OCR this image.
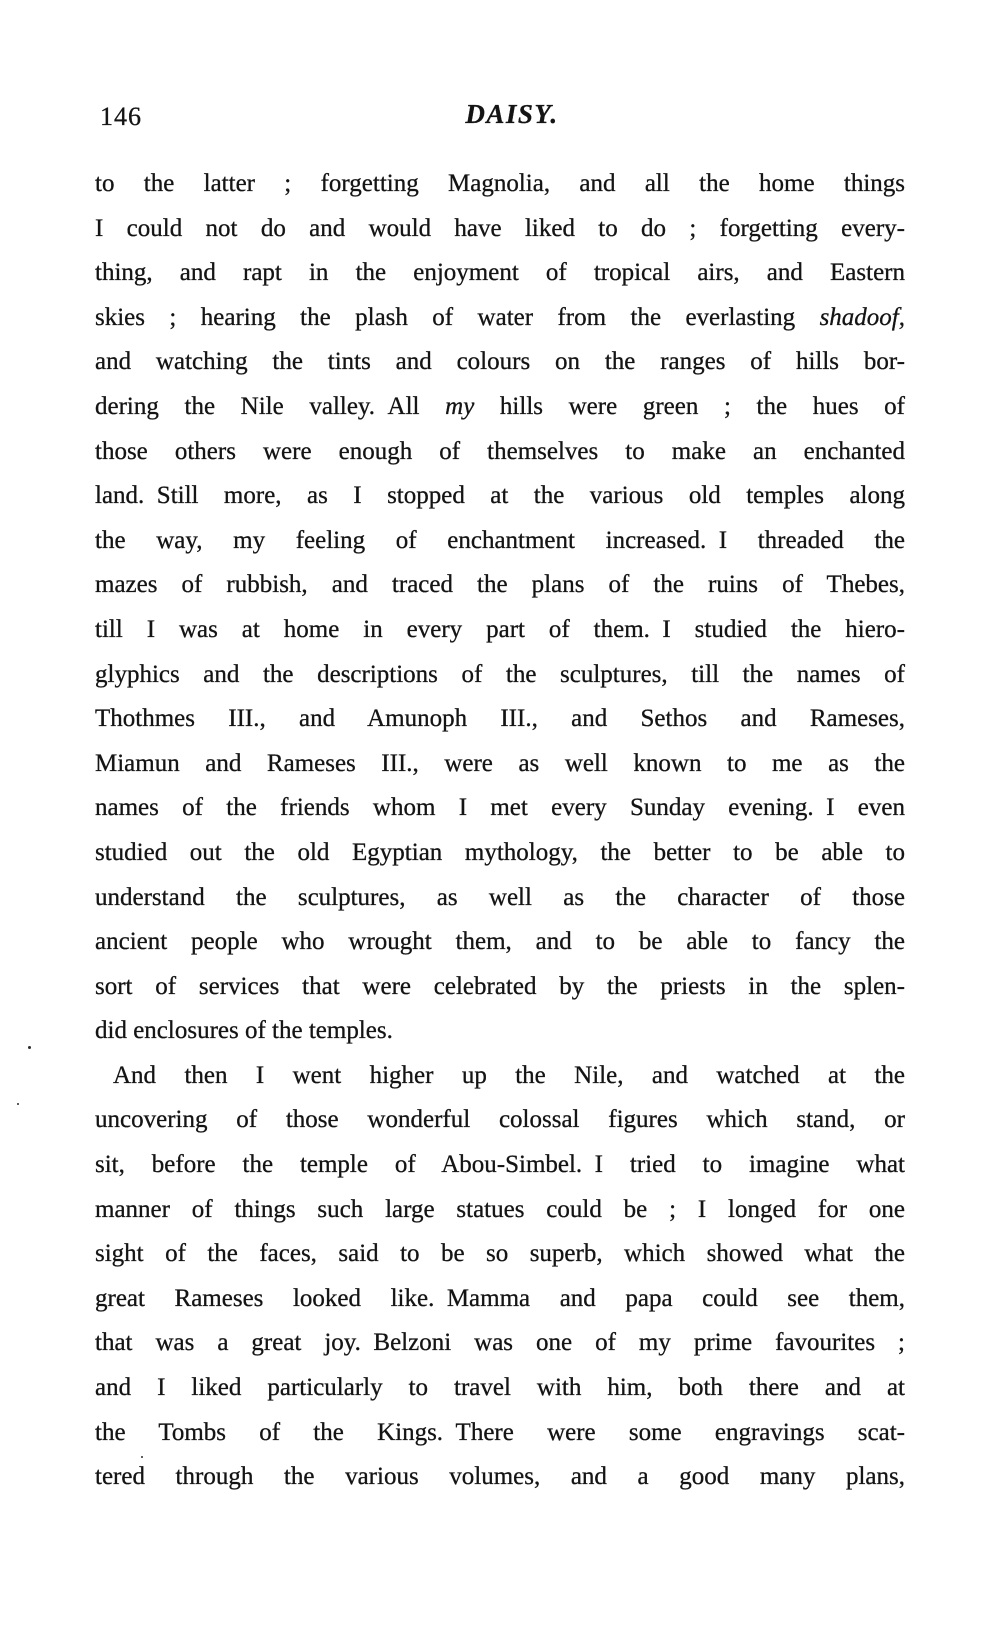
146	DAISY.
to the latter ; forgetting Magnolia, and all the home things
I could not do and would have liked to do ; forgetting every-
thing, and rapt in the enjoyment of tropical airs, and Eastern
skies ; hearing the plash of water from the everlasting shadoof,
and watching the tints and colours on the ranges of hills bor-
dering the Nile valley. All my hills were green ; the hues of
those others were enough of themselves to make an enchanted
land. Still more, as I stopped at the various old temples along
the way, my feeling of enchantment increased. I threaded the
mazes of rubbish, and traced the plans of the ruins of Thebes,
till I was at home in every part of them. I studied the hiero-
glyphics and the descriptions of the sculptures, till the names of
Thothmes III., and Amunoph III., and Sethos and Rameses,
Miamun and Rameses III., were as well known to me as the
names of the friends whom I met every Sunday evening. I even
studied out the old Egyptian mythology, the better to be able to
understand the sculptures, as well as the character of those
ancient people who wrought them, and to be able to fancy the
sort of services that were celebrated by the priests in the splen-
did enclosures of the temples.
And then I went higher up the Nile, and watched at the
uncovering of those wonderful colossal figures which stand, or
sit, before the temple of Abou-Simbel. I tried to imagine what
manner of things such large statues could be ; I longed for one
sight of the faces, said to be so superb, which showed what the
great Rameses looked like. Mamma and papa could see them,
that was a great joy. Belzoni was one of my prime favourites ;
and I liked particularly to travel with him, both there and at
the Tombs of the Kings. There were some engravings scat-
tered through the various volumes, and a good many plans,
